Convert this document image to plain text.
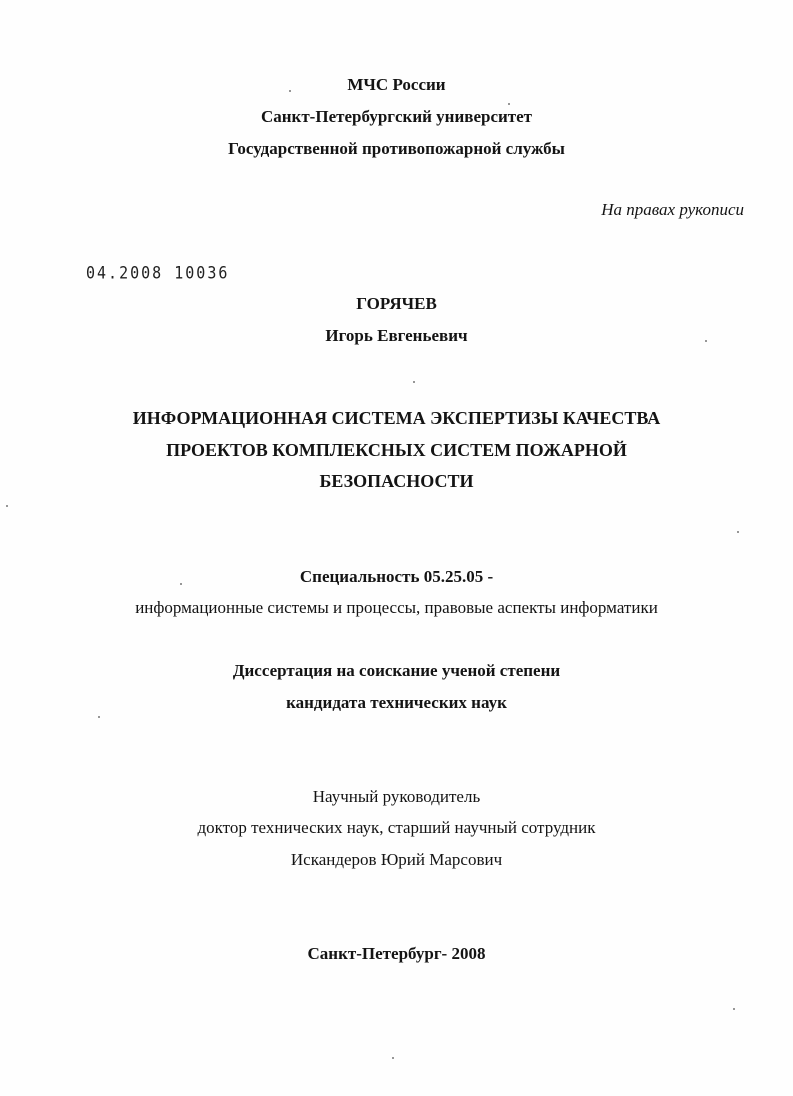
МЧС России
Санкт-Петербургский университет
Государственной противопожарной службы
На правах рукописи
04.2008 10036
ГОРЯЧЕВ
Игорь Евгеньевич
ИНФОРМАЦИОННАЯ СИСТЕМА ЭКСПЕРТИЗЫ КАЧЕСТВА
ПРОЕКТОВ КОМПЛЕКСНЫХ СИСТЕМ ПОЖАРНОЙ
БЕЗОПАСНОСТИ
Специальность 05.25.05 -
информационные системы и процессы, правовые аспекты информатики
Диссертация на соискание ученой степени
кандидата технических наук
Научный руководитель
доктор технических наук, старший научный сотрудник
Искандеров Юрий Марсович
Санкт-Петербург- 2008
